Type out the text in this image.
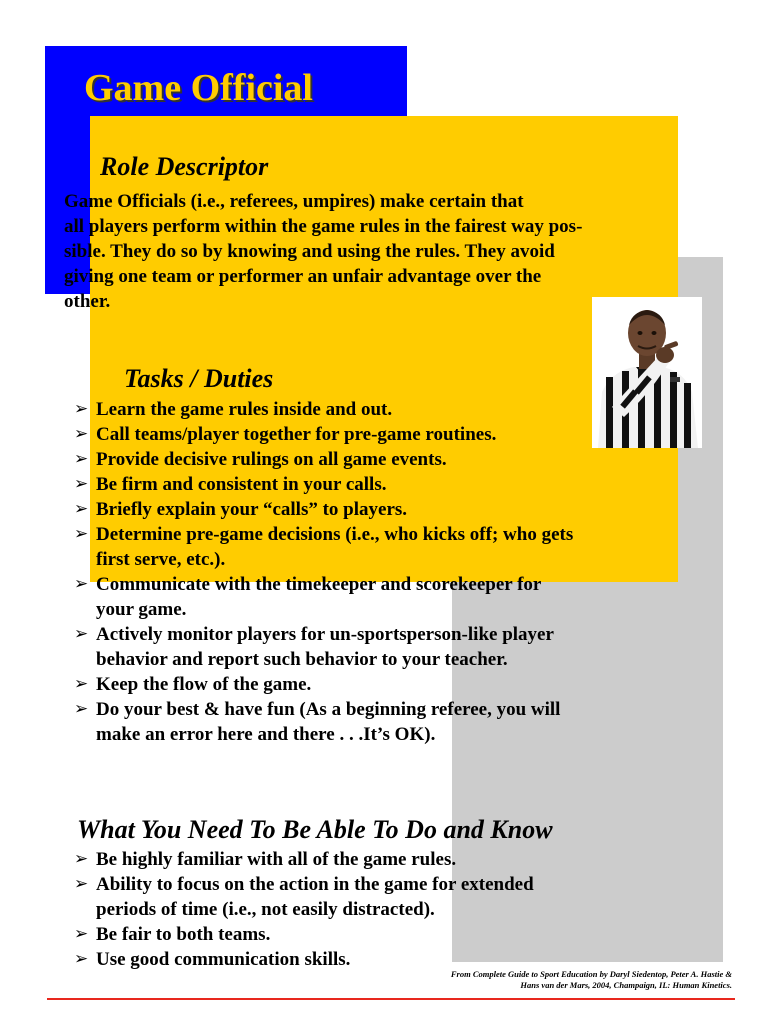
Game Official
Role Descriptor

Game Officials (i.e., referees, umpires) make certain that
all players perform within the game rules in the fairest way pos-
sible. They do so by knowing and using the rules. They avoid
giving one team or performer an unfair advantage over the
other.

Tasks / Duties
➢ Learn the game rules inside and out.
➢ Call teams/player together for pre-game routines.
➢ Provide decisive rulings on all game events.
➢ Be firm and consistent in your calls.
➢ Briefly explain your “calls” to players.
➢ Determine pre-game decisions (i.e., who kicks off; who gets
first serve, etc.).
➢ Communicate with the timekeeper and scorekeeper for
your game.
➢ Actively monitor players for un-sportsperson-like player
behavior and report such behavior to your teacher.
➢ Keep the flow of the game.
➢ Do your best & have fun (As a beginning referee, you will
make an error here and there . . .It’s OK).
What You Need To Be Able To Do and Know
➢ Be highly familiar with all of the game rules.
➢ Ability to focus on the action in the game for extended
periods of time (i.e., not easily distracted).
➢ Be fair to both teams.
➢ Use good communication skills.

From Complete Guide to Sport Education by Daryl Siedentop, Peter A. Hastie &
Hans van der Mars, 2004, Champaign, IL: Human Kinetics.
